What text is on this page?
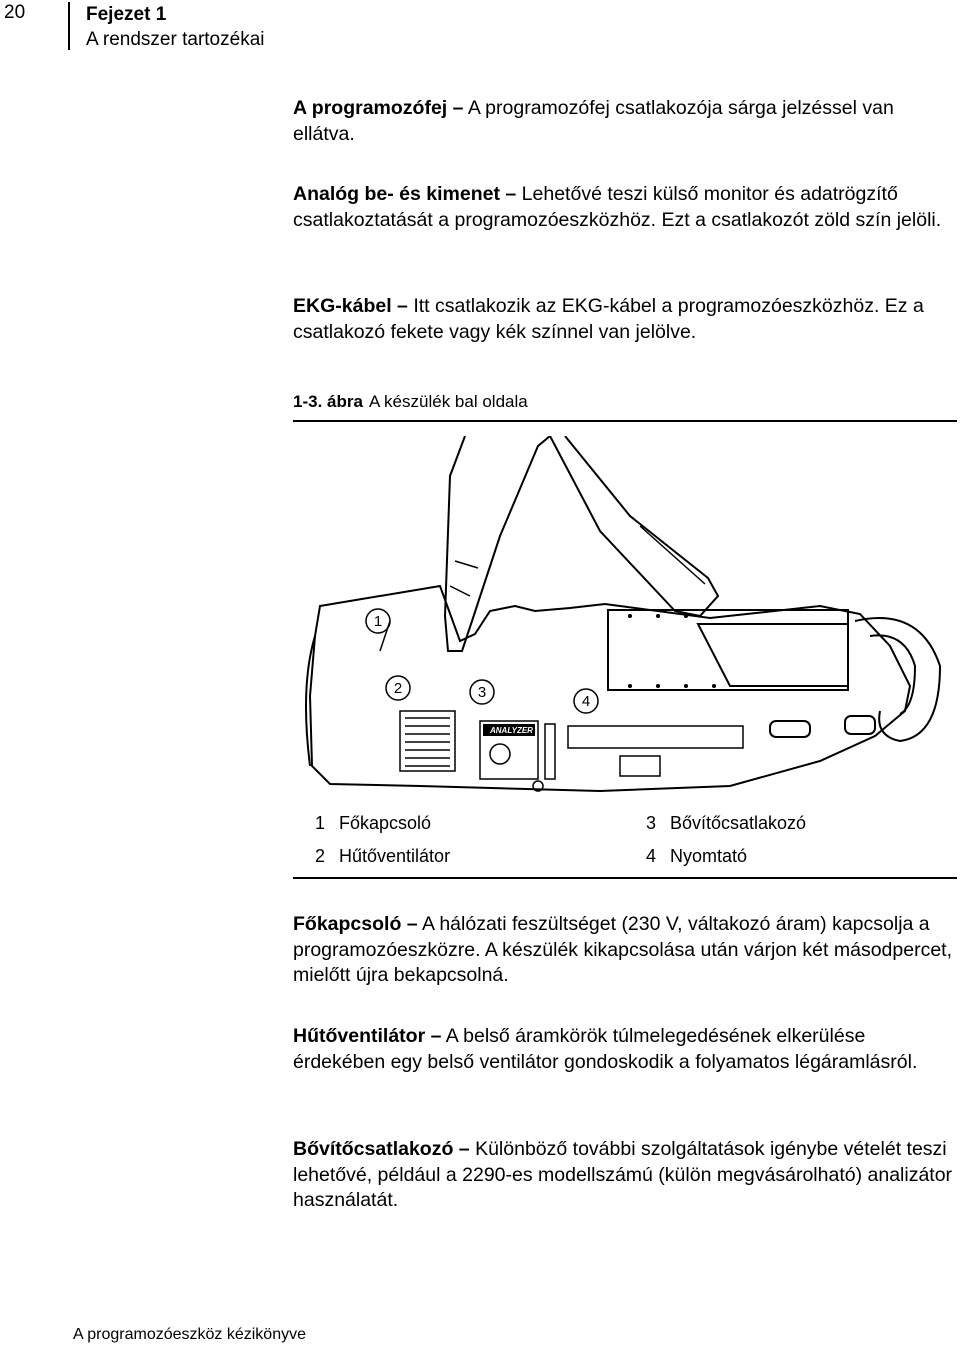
20	Fejezet 1
A rendszer tartozékai

A programozófej – A programozófej csatlakozója sárga jelzéssel van ellátva.

Analóg be- és kimenet – Lehetővé teszi külső monitor és adatrögzítő csatlakoztatását a programozóeszközhöz. Ezt a csatlakozót zöld szín jelöli.

EKG-kábel – Itt csatlakozik az EKG-kábel a programozóeszközhöz. Ez a csatlakozó fekete vagy kék színnel van jelölve.

1-3. ábra A készülék bal oldala
ANALYZER
1
2	3
4
1 Főkapcsoló	3 Bővítőcsatlakozó
2 Hűtőventilátor	4 Nyomtató

Főkapcsoló – A hálózati feszültséget (230 V, váltakozó áram) kapcsolja a programozóeszközre. A készülék kikapcsolása után várjon két másodpercet, mielőtt újra bekapcsolná.

Hűtőventilátor – A belső áramkörök túlmelegedésének elkerülése érdekében egy belső ventilátor gondoskodik a folyamatos légáramlásról.

Bővítőcsatlakozó – Különböző további szolgáltatások igénybe vételét teszi lehetővé, például a 2290-es modellszámú (külön megvásárolható) analizátor használatát.

A programozóeszköz kézikönyve
